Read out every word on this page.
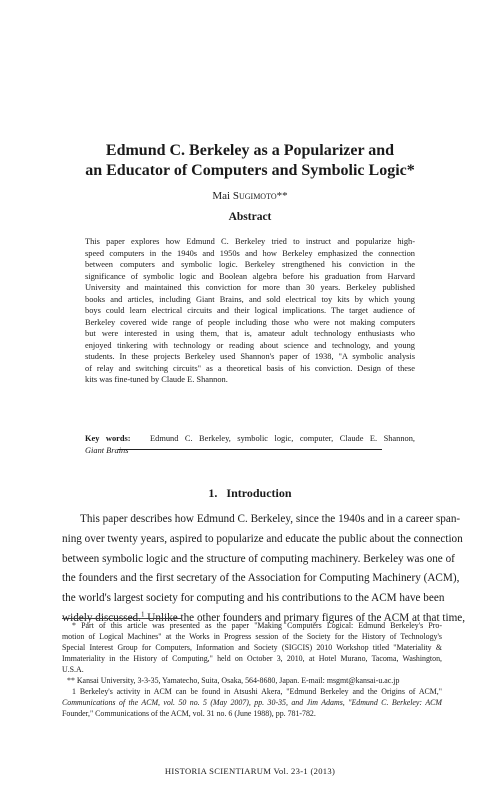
Edmund C. Berkeley as a Popularizer and
an Educator of Computers and Symbolic Logic*
Mai Sugimoto**
Abstract
This paper explores how Edmund C. Berkeley tried to instruct and popularize high-
speed computers in the 1940s and 1950s and how Berkeley emphasized the connection
between computers and symbolic logic. Berkeley strengthened his conviction in the
significance of symbolic logic and Boolean algebra before his graduation from Harvard
University and maintained this conviction for more than 30 years. Berkeley published
books and articles, including Giant Brains, and sold electrical toy kits by which young
boys could learn electrical circuits and their logical implications. The target audience of
Berkeley covered wide range of people including those who were not making computers
but were interested in using them, that is, amateur adult technology enthusiasts who
enjoyed tinkering with technology or reading about science and technology, and young
students. In these projects Berkeley used Shannon's paper of 1938, "A symbolic analysis
of relay and switching circuits" as a theoretical basis of his conviction. Design of these
kits was fine-tuned by Claude E. Shannon.
Key words: Edmund C. Berkeley, symbolic logic, computer, Claude E. Shannon,
Giant Brains
1. Introduction
This paper describes how Edmund C. Berkeley, since the 1940s and in a career span-
ning over twenty years, aspired to popularize and educate the public about the connection
between symbolic logic and the structure of computing machinery. Berkeley was one of
the founders and the first secretary of the Association for Computing Machinery (ACM),
the world's largest society for computing and his contributions to the ACM have been
widely discussed.$^1$ Unlike the other founders and primary figures of the ACM at that time,
* Part of this article was presented as the paper "Making Computers Logical: Edmund Berkeley's Pro-
motion of Logical Machines" at the Works in Progress session of the Society for the History of Technology's
Special Interest Group for Computers, Information and Society (SIGCIS) 2010 Workshop titled "Materiality &
Immateriality in the History of Computing," held on October 3, 2010, at Hotel Murano, Tacoma, Washington,
U.S.A.
** Kansai University, 3-3-35, Yamatecho, Suita, Osaka, 564-8680, Japan. E-mail: msgmt@kansai-u.ac.jp
1 Berkeley's activity in ACM can be found in Atsushi Akera, "Edmund Berkeley and the Origins of ACM,"
Communications of the ACM, vol. 50 no. 5 (May 2007), pp. 30-35, and Jim Adams, "Edmund C. Berkeley: ACM
Founder," Communications of the ACM, vol. 31 no. 6 (June 1988), pp. 781-782.
HISTORIA SCIENTIARUM Vol. 23-1 (2013)
